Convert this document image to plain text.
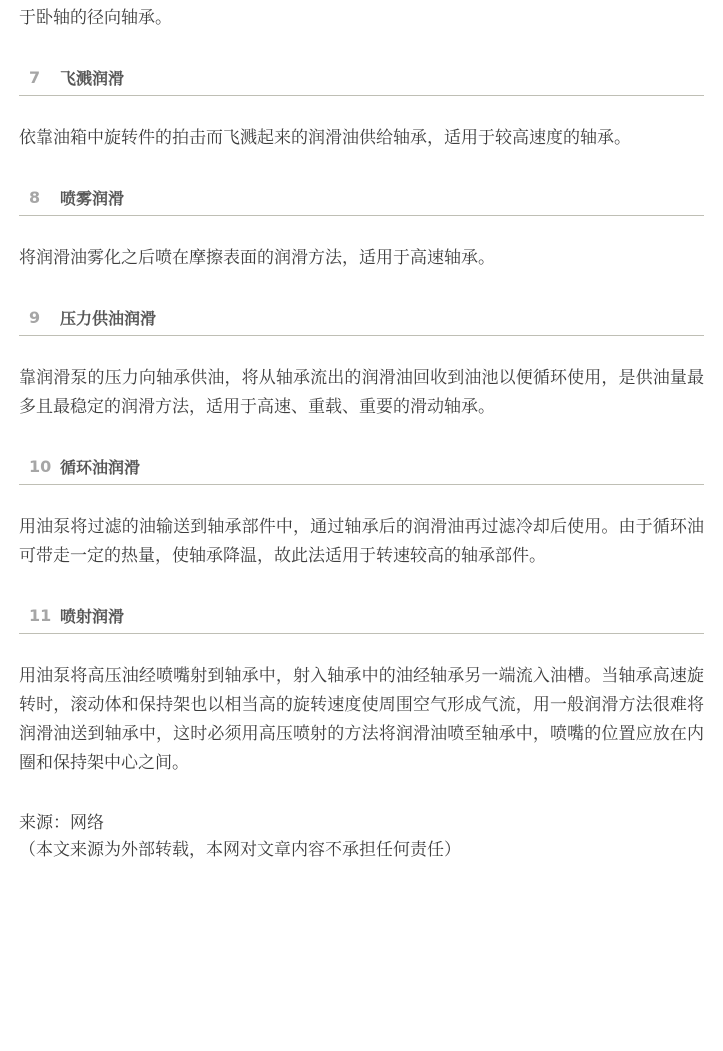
于卧轴的径向轴承。

7	飞溅润滑

依靠油箱中旋转件的拍击而飞溅起来的润滑油供给轴承，适用于较高速度的轴承。

8	喷雾润滑

将润滑油雾化之后喷在摩擦表面的润滑方法，适用于高速轴承。

9	压力供油润滑

靠润滑泵的压力向轴承供油，将从轴承流出的润滑油回收到油池以便循环使用，是供油量最多且最稳定的润滑方法，适用于高速、重载、重要的滑动轴承。

10 循环油润滑

用油泵将过滤的油输送到轴承部件中，通过轴承后的润滑油再过滤冷却后使用。由于循环油可带走一定的热量，使轴承降温，故此法适用于转速较高的轴承部件。

11 喷射润滑

用油泵将高压油经喷嘴射到轴承中，射入轴承中的油经轴承另一端流入油槽。当轴承高速旋转时，滚动体和保持架也以相当高的旋转速度使周围空气形成气流，用一般润滑方法很难将润滑油送到轴承中，这时必须用高压喷射的方法将润滑油喷至轴承中，喷嘴的位置应放在内圈和保持架中心之间。

来源：网络
（本文来源为外部转载，本网对文章内容不承担任何责任）
